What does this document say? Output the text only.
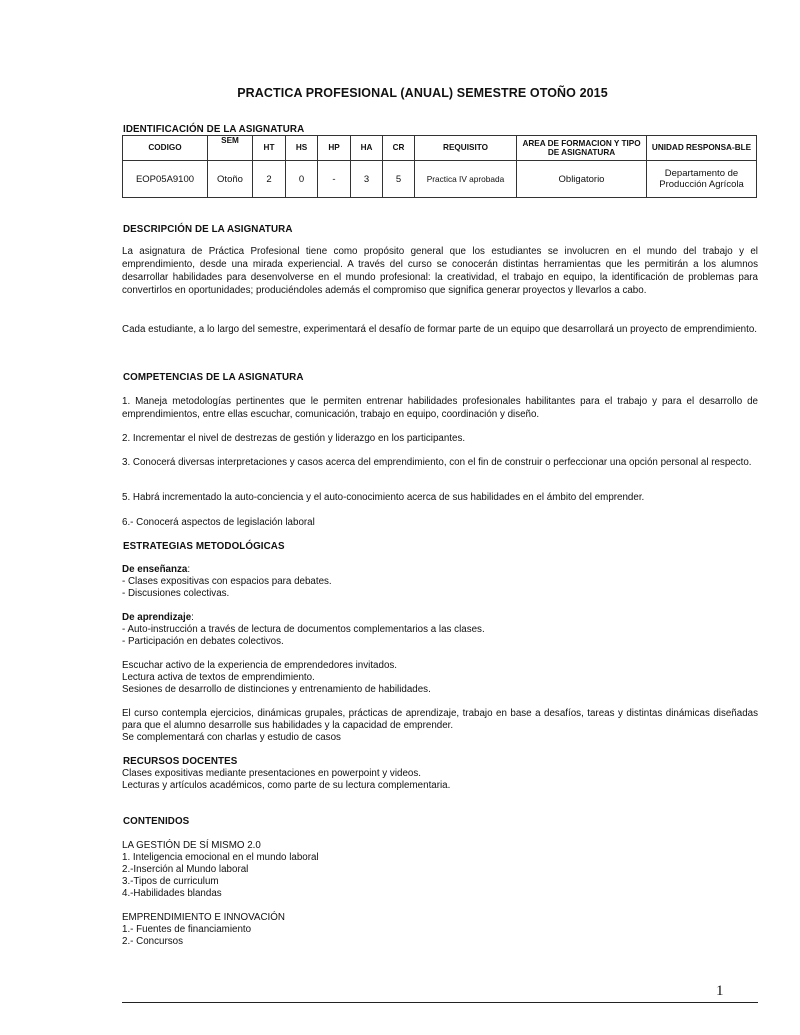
PRACTICA PROFESIONAL (ANUAL) SEMESTRE OTOÑO 2015
IDENTIFICACIÓN DE LA ASIGNATURA
CODIGO	SEM	HT	HS	HP	HA	CR	REQUISITO	AREA DE FORMACION Y TIPO DE ASIGNATURA	UNIDAD RESPONSA-BLE
EOP05A9100	Otoño	2	0	-	3	5	Practica IV aprobada	Obligatorio	Departamento de Producción Agrícola
DESCRIPCIÓN DE LA ASIGNATURA
La asignatura de Práctica Profesional tiene como propósito general que los estudiantes se involucren en el mundo del trabajo y el emprendimiento, desde una mirada experiencial. A través del curso se conocerán distintas herramientas que les permitirán a los alumnos desarrollar habilidades para desenvolverse en el mundo profesional: la creatividad, el trabajo en equipo, la identificación de problemas para convertirlos en oportunidades; produciéndoles además el compromiso que significa generar proyectos y llevarlos a cabo.
Cada estudiante, a lo largo del semestre, experimentará el desafío de formar parte de un equipo que desarrollará un proyecto de emprendimiento.
COMPETENCIAS DE LA ASIGNATURA
1. Maneja metodologías pertinentes que le permiten entrenar habilidades profesionales habilitantes para el trabajo y para el desarrollo de emprendimientos, entre ellas escuchar, comunicación, trabajo en equipo, coordinación y diseño.
2. Incrementar el nivel de destrezas de gestión y liderazgo en los participantes.
3. Conocerá diversas interpretaciones y casos acerca del emprendimiento, con el fin de construir o perfeccionar una opción personal al respecto.
5. Habrá incrementado la auto-conciencia y el auto-conocimiento acerca de sus habilidades en el ámbito del emprender.
6.- Conocerá aspectos de legislación laboral
ESTRATEGIAS METODOLÓGICAS
De enseñanza:
- Clases expositivas con espacios para debates.
- Discusiones colectivas.
De aprendizaje:
- Auto-instrucción a través de lectura de documentos complementarios a las clases.
- Participación en debates colectivos.
Escuchar activo de la experiencia de emprendedores invitados.
Lectura activa de textos de emprendimiento.
Sesiones de desarrollo de distinciones y entrenamiento de habilidades.
El curso contempla ejercicios, dinámicas grupales, prácticas de aprendizaje, trabajo en base a desafíos, tareas y distintas dinámicas diseñadas para que el alumno desarrolle sus habilidades y la capacidad de emprender.
Se complementará con charlas y estudio de casos
RECURSOS DOCENTES
Clases expositivas mediante presentaciones en powerpoint y videos.
Lecturas y artículos académicos, como parte de su lectura complementaria.
CONTENIDOS
LA GESTIÓN DE SÍ MISMO 2.0
1. Inteligencia emocional en el mundo laboral
2.-Inserción al Mundo laboral
3.-Tipos de curriculum
4.-Habilidades blandas
EMPRENDIMIENTO E INNOVACIÓN
1.- Fuentes de financiamiento
2.- Concursos
1
